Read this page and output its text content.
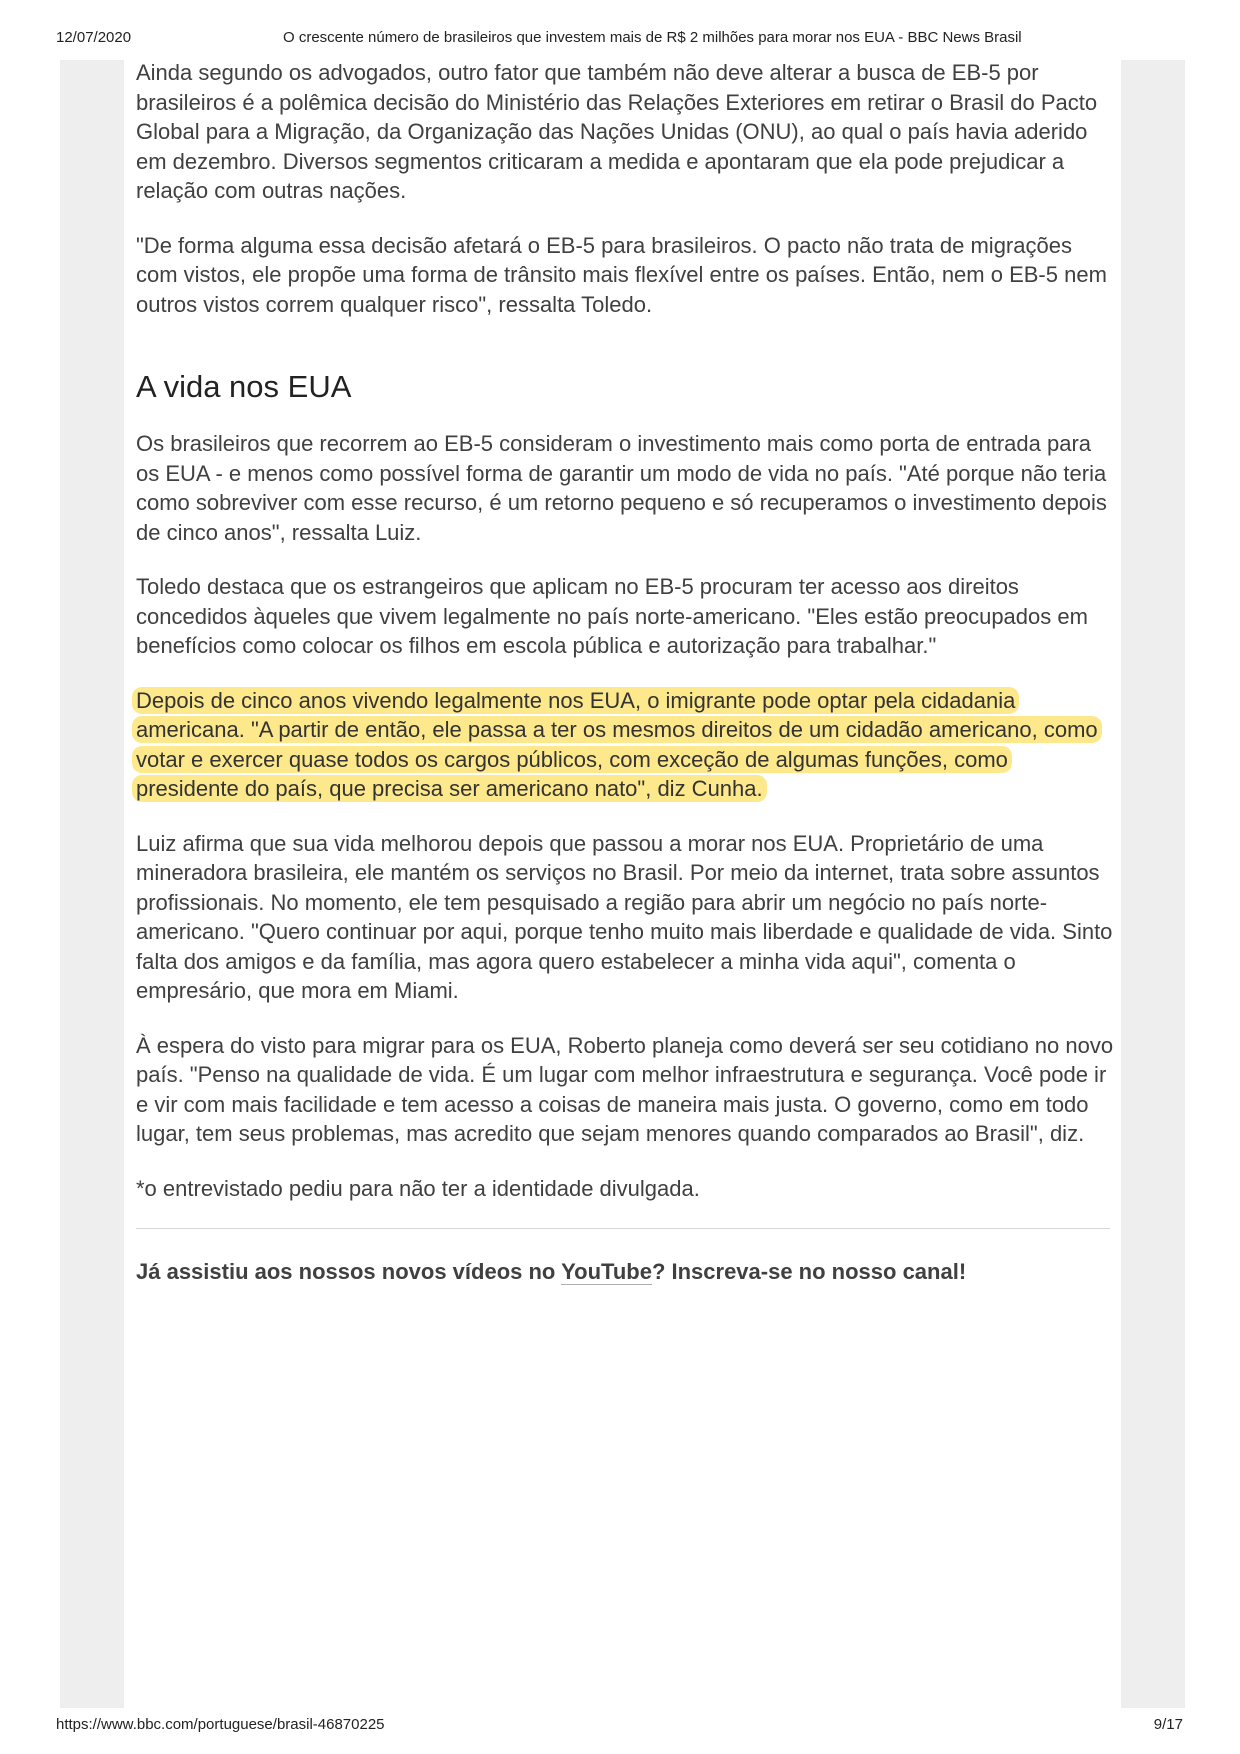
12/07/2020	O crescente número de brasileiros que investem mais de R$ 2 milhões para morar nos EUA - BBC News Brasil

Ainda segundo os advogados, outro fator que também não deve alterar a busca de EB-5 por brasileiros é a polêmica decisão do Ministério das Relações Exteriores em retirar o Brasil do Pacto Global para a Migração, da Organização das Nações Unidas (ONU), ao qual o país havia aderido em dezembro. Diversos segmentos criticaram a medida e apontaram que ela pode prejudicar a relação com outras nações.

"De forma alguma essa decisão afetará o EB-5 para brasileiros. O pacto não trata de migrações com vistos, ele propõe uma forma de trânsito mais flexível entre os países. Então, nem o EB-5 nem outros vistos correm qualquer risco", ressalta Toledo.

A vida nos EUA

Os brasileiros que recorrem ao EB-5 consideram o investimento mais como porta de entrada para os EUA - e menos como possível forma de garantir um modo de vida no país. "Até porque não teria como sobreviver com esse recurso, é um retorno pequeno e só recuperamos o investimento depois de cinco anos", ressalta Luiz.

Toledo destaca que os estrangeiros que aplicam no EB-5 procuram ter acesso aos direitos concedidos àqueles que vivem legalmente no país norte-americano. "Eles estão preocupados em benefícios como colocar os filhos em escola pública e autorização para trabalhar."

Depois de cinco anos vivendo legalmente nos EUA, o imigrante pode optar pela cidadania americana. "A partir de então, ele passa a ter os mesmos direitos de um cidadão americano, como votar e exercer quase todos os cargos públicos, com exceção de algumas funções, como presidente do país, que precisa ser americano nato", diz Cunha.

Luiz afirma que sua vida melhorou depois que passou a morar nos EUA. Proprietário de uma mineradora brasileira, ele mantém os serviços no Brasil. Por meio da internet, trata sobre assuntos profissionais. No momento, ele tem pesquisado a região para abrir um negócio no país norte-americano. "Quero continuar por aqui, porque tenho muito mais liberdade e qualidade de vida. Sinto falta dos amigos e da família, mas agora quero estabelecer a minha vida aqui", comenta o empresário, que mora em Miami.

À espera do visto para migrar para os EUA, Roberto planeja como deverá ser seu cotidiano no novo país. "Penso na qualidade de vida. É um lugar com melhor infraestrutura e segurança. Você pode ir e vir com mais facilidade e tem acesso a coisas de maneira mais justa. O governo, como em todo lugar, tem seus problemas, mas acredito que sejam menores quando comparados ao Brasil", diz.

*o entrevistado pediu para não ter a identidade divulgada.

Já assistiu aos nossos novos vídeos no YouTube? Inscreva-se no nosso canal!
https://www.bbc.com/portuguese/brasil-46870225	9/17
